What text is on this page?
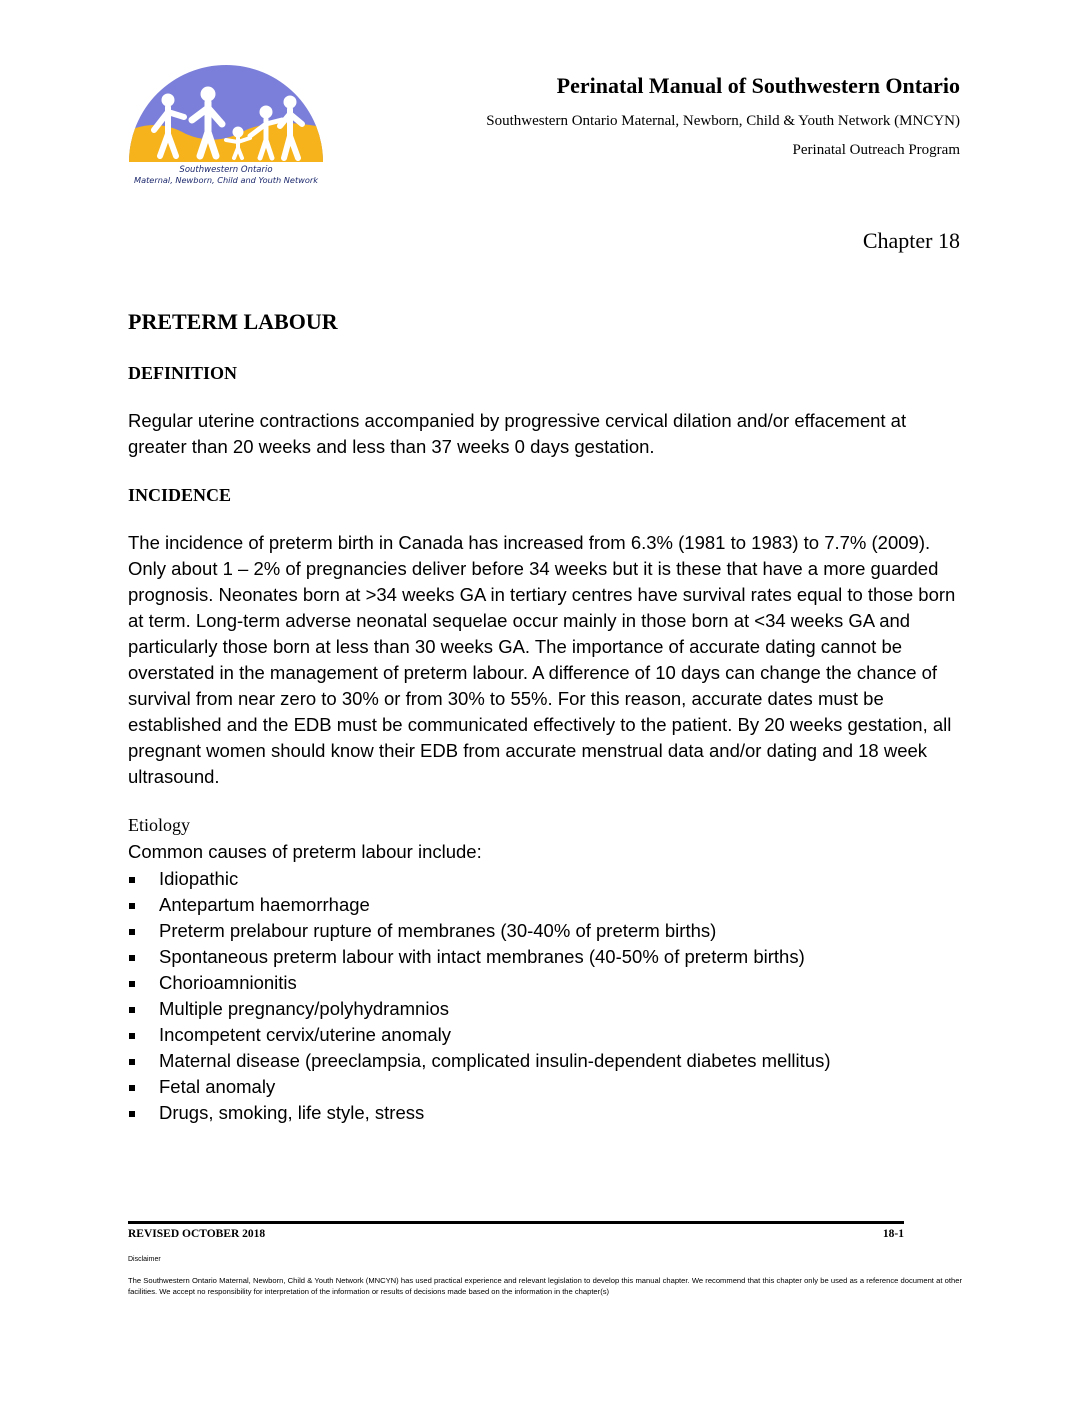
Southwestern Ontario
Maternal, Newborn, Child and Youth Network
Perinatal Manual of Southwestern Ontario
Southwestern Ontario Maternal, Newborn, Child & Youth Network (MNCYN)
Perinatal Outreach Program
Chapter 18
PRETERM LABOUR
DEFINITION
Regular uterine contractions accompanied by progressive cervical dilation and/or effacement at greater than 20 weeks and less than 37 weeks 0 days gestation.
INCIDENCE
The incidence of preterm birth in Canada has increased from 6.3% (1981 to 1983) to 7.7% (2009). Only about 1 – 2% of pregnancies deliver before 34 weeks but it is these that have a more guarded prognosis. Neonates born at >34 weeks GA in tertiary centres have survival rates equal to those born at term. Long-term adverse neonatal sequelae occur mainly in those born at <34 weeks GA and particularly those born at less than 30 weeks GA. The importance of accurate dating cannot be overstated in the management of preterm labour. A difference of 10 days can change the chance of survival from near zero to 30% or from 30% to 55%. For this reason, accurate dates must be established and the EDB must be communicated effectively to the patient. By 20 weeks gestation, all pregnant women should know their EDB from accurate menstrual data and/or dating and 18 week ultrasound.
Etiology
Common causes of preterm labour include:
Idiopathic
Antepartum haemorrhage
Preterm prelabour rupture of membranes (30-40% of preterm births)
Spontaneous preterm labour with intact membranes (40-50% of preterm births)
Chorioamnionitis
Multiple pregnancy/polyhydramnios
Incompetent cervix/uterine anomaly
Maternal disease (preeclampsia, complicated insulin-dependent diabetes mellitus)
Fetal anomaly
Drugs, smoking, life style, stress
REVISED OCTOBER 2018	18-1
Disclaimer
The Southwestern Ontario Maternal, Newborn, Child & Youth Network (MNCYN) has used practical experience and relevant legislation to develop this manual chapter. We recommend that this chapter only be used as a reference document at other facilities. We accept no responsibility for interpretation of the information or results of decisions made based on the information in the chapter(s)
